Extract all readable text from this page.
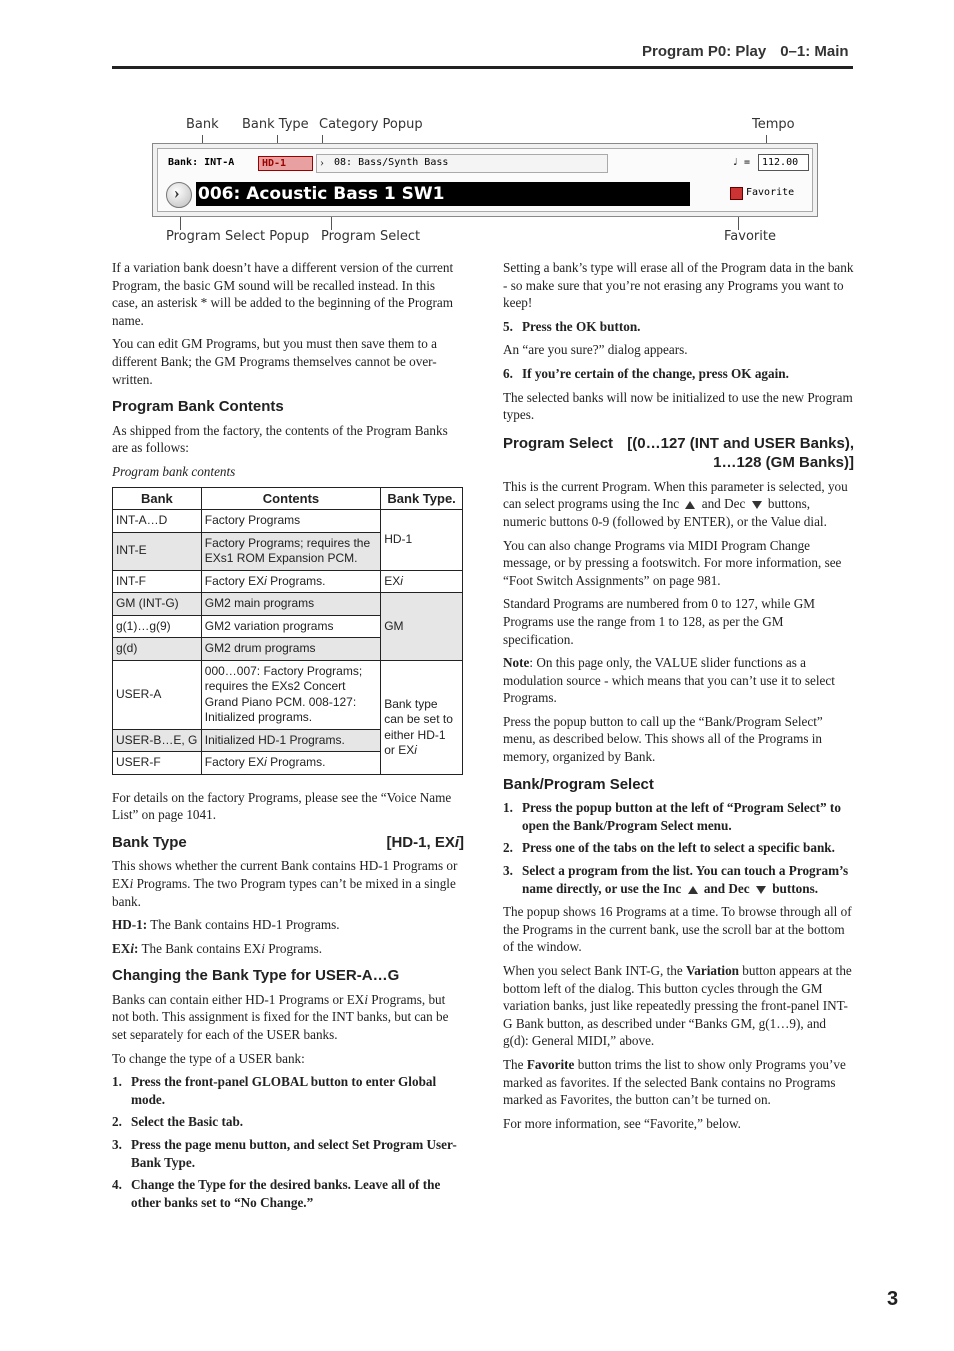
Program P0: Play 0–1: Main
Bank Bank Type Category Popup	Tempo
Program Select Popup Program Select	Favorite
Bank: INT-A	HD-1	› 08: Bass/Synth Bass	♩ =	112.00
› 006: Acoustic Bass 1 SW1	Favorite

If a variation bank doesn’t have a different version of the current Program, the basic GM sound will be recalled instead. In this case, an asterisk * will be added to the beginning of the Program name.

You can edit GM Programs, but you must then save them to a different Bank; the GM Programs themselves cannot be over-written.

Program Bank Contents

As shipped from the factory, the contents of the Program Banks are as follows:

Program bank contents

Bank	Contents	Bank Type.
INT-A…D	Factory Programs	HD-1
INT-E	Factory Programs; requires the EXs1 ROM Expansion PCM.	
INT-F	Factory EXi Programs.	EXi
GM (INT-G)	GM2 main programs	GM
g(1)…g(9)	GM2 variation programs	
g(d)	GM2 drum programs	
USER-A	000…007: Factory Programs; requires the EXs2 Concert Grand Piano PCM. 008-127: Initialized programs.	Bank type can be set to either HD-1 or EXi
USER-B…E, G	Initialized HD-1 Programs.	
USER-F	Factory EXi Programs.	

For details on the factory Programs, please see the “Voice Name List” on page 1041.

Bank Type	[HD-1, EXi]

This shows whether the current Bank contains HD-1 Programs or EXi Programs. The two Program types can’t be mixed in a single bank.

HD-1: The Bank contains HD-1 Programs.

EXi: The Bank contains EXi Programs.

Changing the Bank Type for USER-A…G

Banks can contain either HD-1 Programs or EXi Programs, but not both. This assignment is fixed for the INT banks, but can be set separately for each of the USER banks.

To change the type of a USER bank:

1. Press the front-panel GLOBAL button to enter Global mode.
2. Select the Basic tab.
3. Press the page menu button, and select Set Program User-Bank Type.
4. Change the Type for the desired banks. Leave all of the other banks set to “No Change.”

Setting a bank’s type will erase all of the Program data in the bank - so make sure that you’re not erasing any Programs you want to keep!

5. Press the OK button.

An “are you sure?” dialog appears.

6. If you’re certain of the change, press OK again.

The selected banks will now be initialized to use the new Program types.

Program Select [(0…127 (INT and USER Banks),
1…128 (GM Banks)]

This is the current Program. When this parameter is selected, you can select programs using the Inc and Dec buttons, numeric buttons 0-9 (followed by ENTER), or the Value dial.

You can also change Programs via MIDI Program Change message, or by pressing a footswitch. For more information, see “Foot Switch Assignments” on page 981.

Standard Programs are numbered from 0 to 127, while GM Programs use the range from 1 to 128, as per the GM specification.

Note: On this page only, the VALUE slider functions as a modulation source - which means that you can’t use it to select Programs.

Press the popup button to call up the “Bank/Program Select” menu, as described below. This shows all of the Programs in memory, organized by Bank.

Bank/Program Select
1. Press the popup button at the left of “Program Select” to open the Bank/Program Select menu.
2. Press one of the tabs on the left to select a specific bank.
3. Select a program from the list. You can touch a Program’s name directly, or use the Inc and Dec buttons.

The popup shows 16 Programs at a time. To browse through all of the Programs in the current bank, use the scroll bar at the bottom of the window.

When you select Bank INT-G, the Variation button appears at the bottom left of the dialog. This button cycles through the GM variation banks, just like repeatedly pressing the front-panel INT-G Bank button, as described under “Banks GM, g(1…9), and g(d): General MIDI,” above.

The Favorite button trims the list to show only Programs you’ve marked as favorites. If the selected Bank contains no Programs marked as Favorites, the button can’t be turned on.

For more information, see “Favorite,” below.

3
